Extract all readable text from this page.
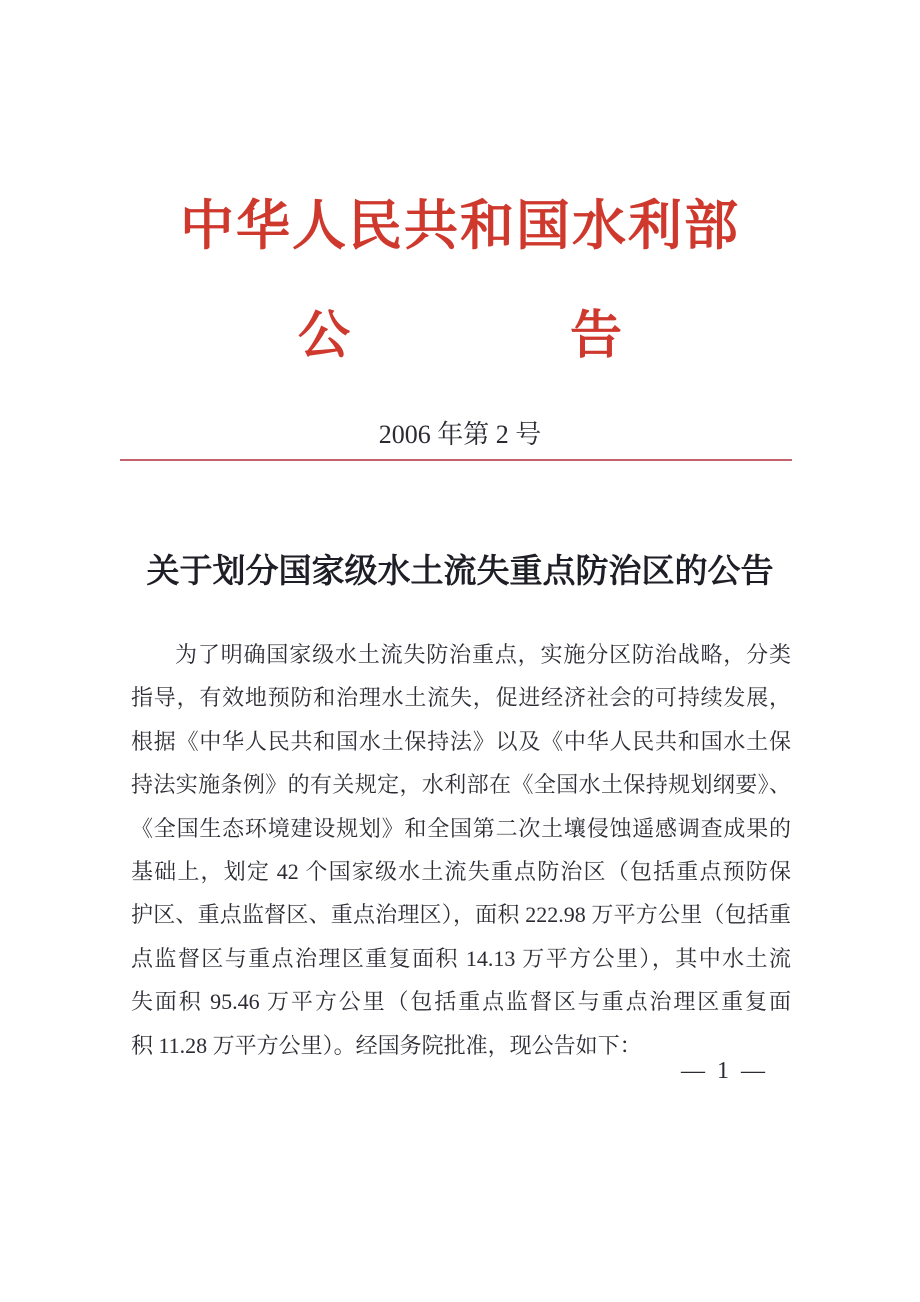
中华人民共和国水利部
公	告
2006 年第 2 号
关于划分国家级水土流失重点防治区的公告
为了明确国家级水土流失防治重点，实施分区防治战略，分类
指导，有效地预防和治理水土流失，促进经济社会的可持续发展，
根据《中华人民共和国水土保持法》以及《中华人民共和国水土保
持法实施条例》的有关规定，水利部在《全国水土保持规划纲要》、
《全国生态环境建设规划》和全国第二次土壤侵蚀遥感调查成果的
基础上，划定 42 个国家级水土流失重点防治区（包括重点预防保
护区、重点监督区、重点治理区），面积 222.98 万平方公里（包括重
点监督区与重点治理区重复面积 14.13 万平方公里），其中水土流
失面积 95.46 万平方公里（包括重点监督区与重点治理区重复面
积 11.28 万平方公里）。经国务院批准，现公告如下：
— 1 —
